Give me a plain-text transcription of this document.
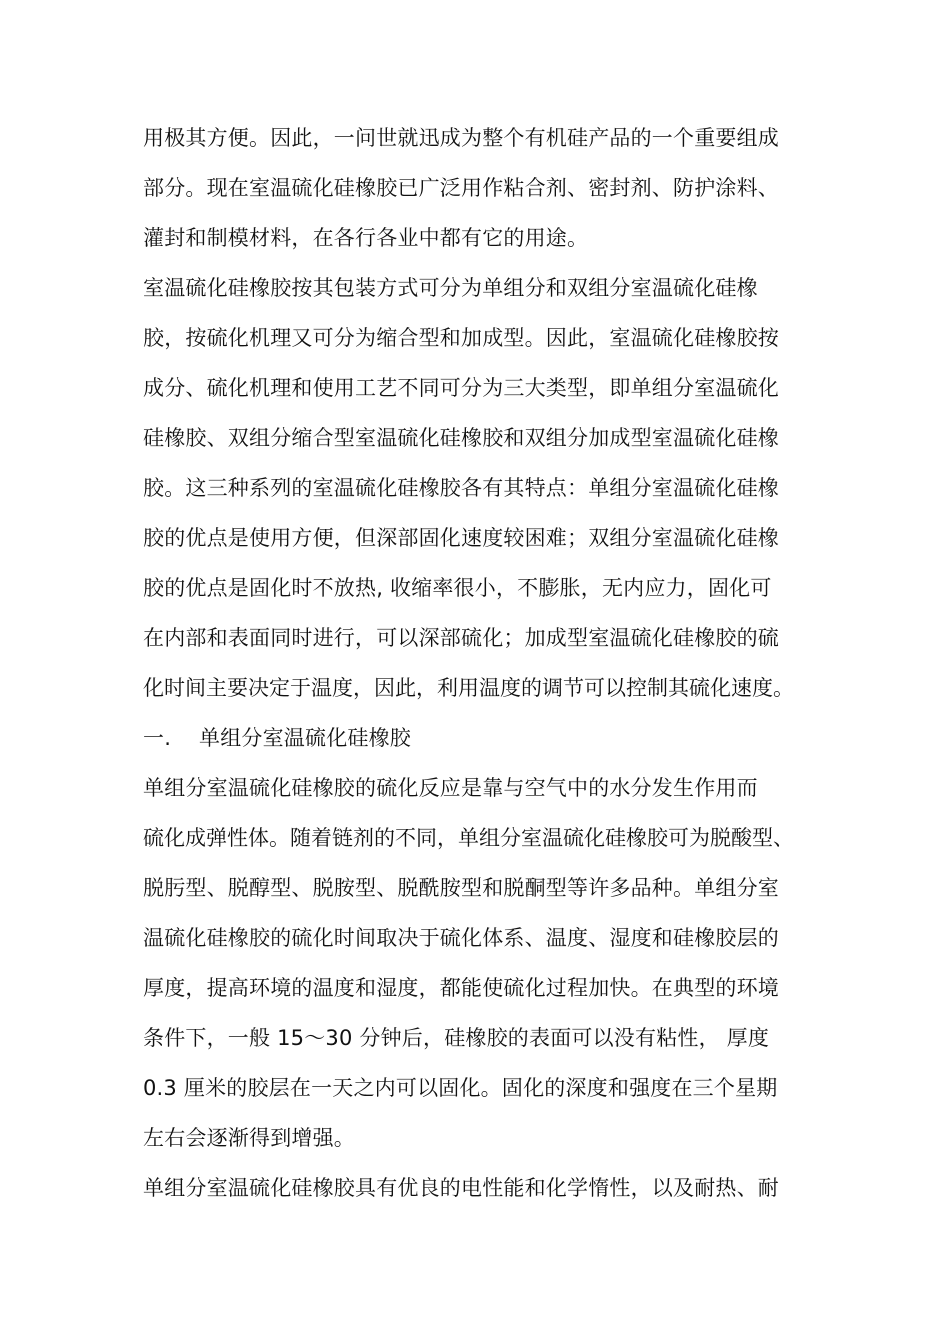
用极其方便。因此，一问世就迅成为整个有机硅产品的一个重要组成
部分。现在室温硫化硅橡胶已广泛用作粘合剂、密封剂、防护涂料、
灌封和制模材料，在各行各业中都有它的用途。
室温硫化硅橡胶按其包装方式可分为单组分和双组分室温硫化硅橡
胶，按硫化机理又可分为缩合型和加成型。因此，室温硫化硅橡胶按
成分、硫化机理和使用工艺不同可分为三大类型，即单组分室温硫化
硅橡胶、双组分缩合型室温硫化硅橡胶和双组分加成型室温硫化硅橡
胶。这三种系列的室温硫化硅橡胶各有其特点：单组分室温硫化硅橡
胶的优点是使用方便，但深部固化速度较困难；双组分室温硫化硅橡
胶的优点是固化时不放热, 收缩率很小，不膨胀，无内应力，固化可
在内部和表面同时进行，可以深部硫化；加成型室温硫化硅橡胶的硫
化时间主要决定于温度，因此，利用温度的调节可以控制其硫化速度。
一. 单组分室温硫化硅橡胶
单组分室温硫化硅橡胶的硫化反应是靠与空气中的水分发生作用而
硫化成弹性体。随着链剂的不同，单组分室温硫化硅橡胶可为脱酸型、
脱肟型、脱醇型、脱胺型、脱酰胺型和脱酮型等许多品种。单组分室
温硫化硅橡胶的硫化时间取决于硫化体系、温度、湿度和硅橡胶层的
厚度，提高环境的温度和湿度，都能使硫化过程加快。在典型的环境
条件下，一般 15～30 分钟后，硅橡胶的表面可以没有粘性， 厚度
0.3 厘米的胶层在一天之内可以固化。固化的深度和强度在三个星期
左右会逐渐得到增强。
单组分室温硫化硅橡胶具有优良的电性能和化学惰性，以及耐热、耐
